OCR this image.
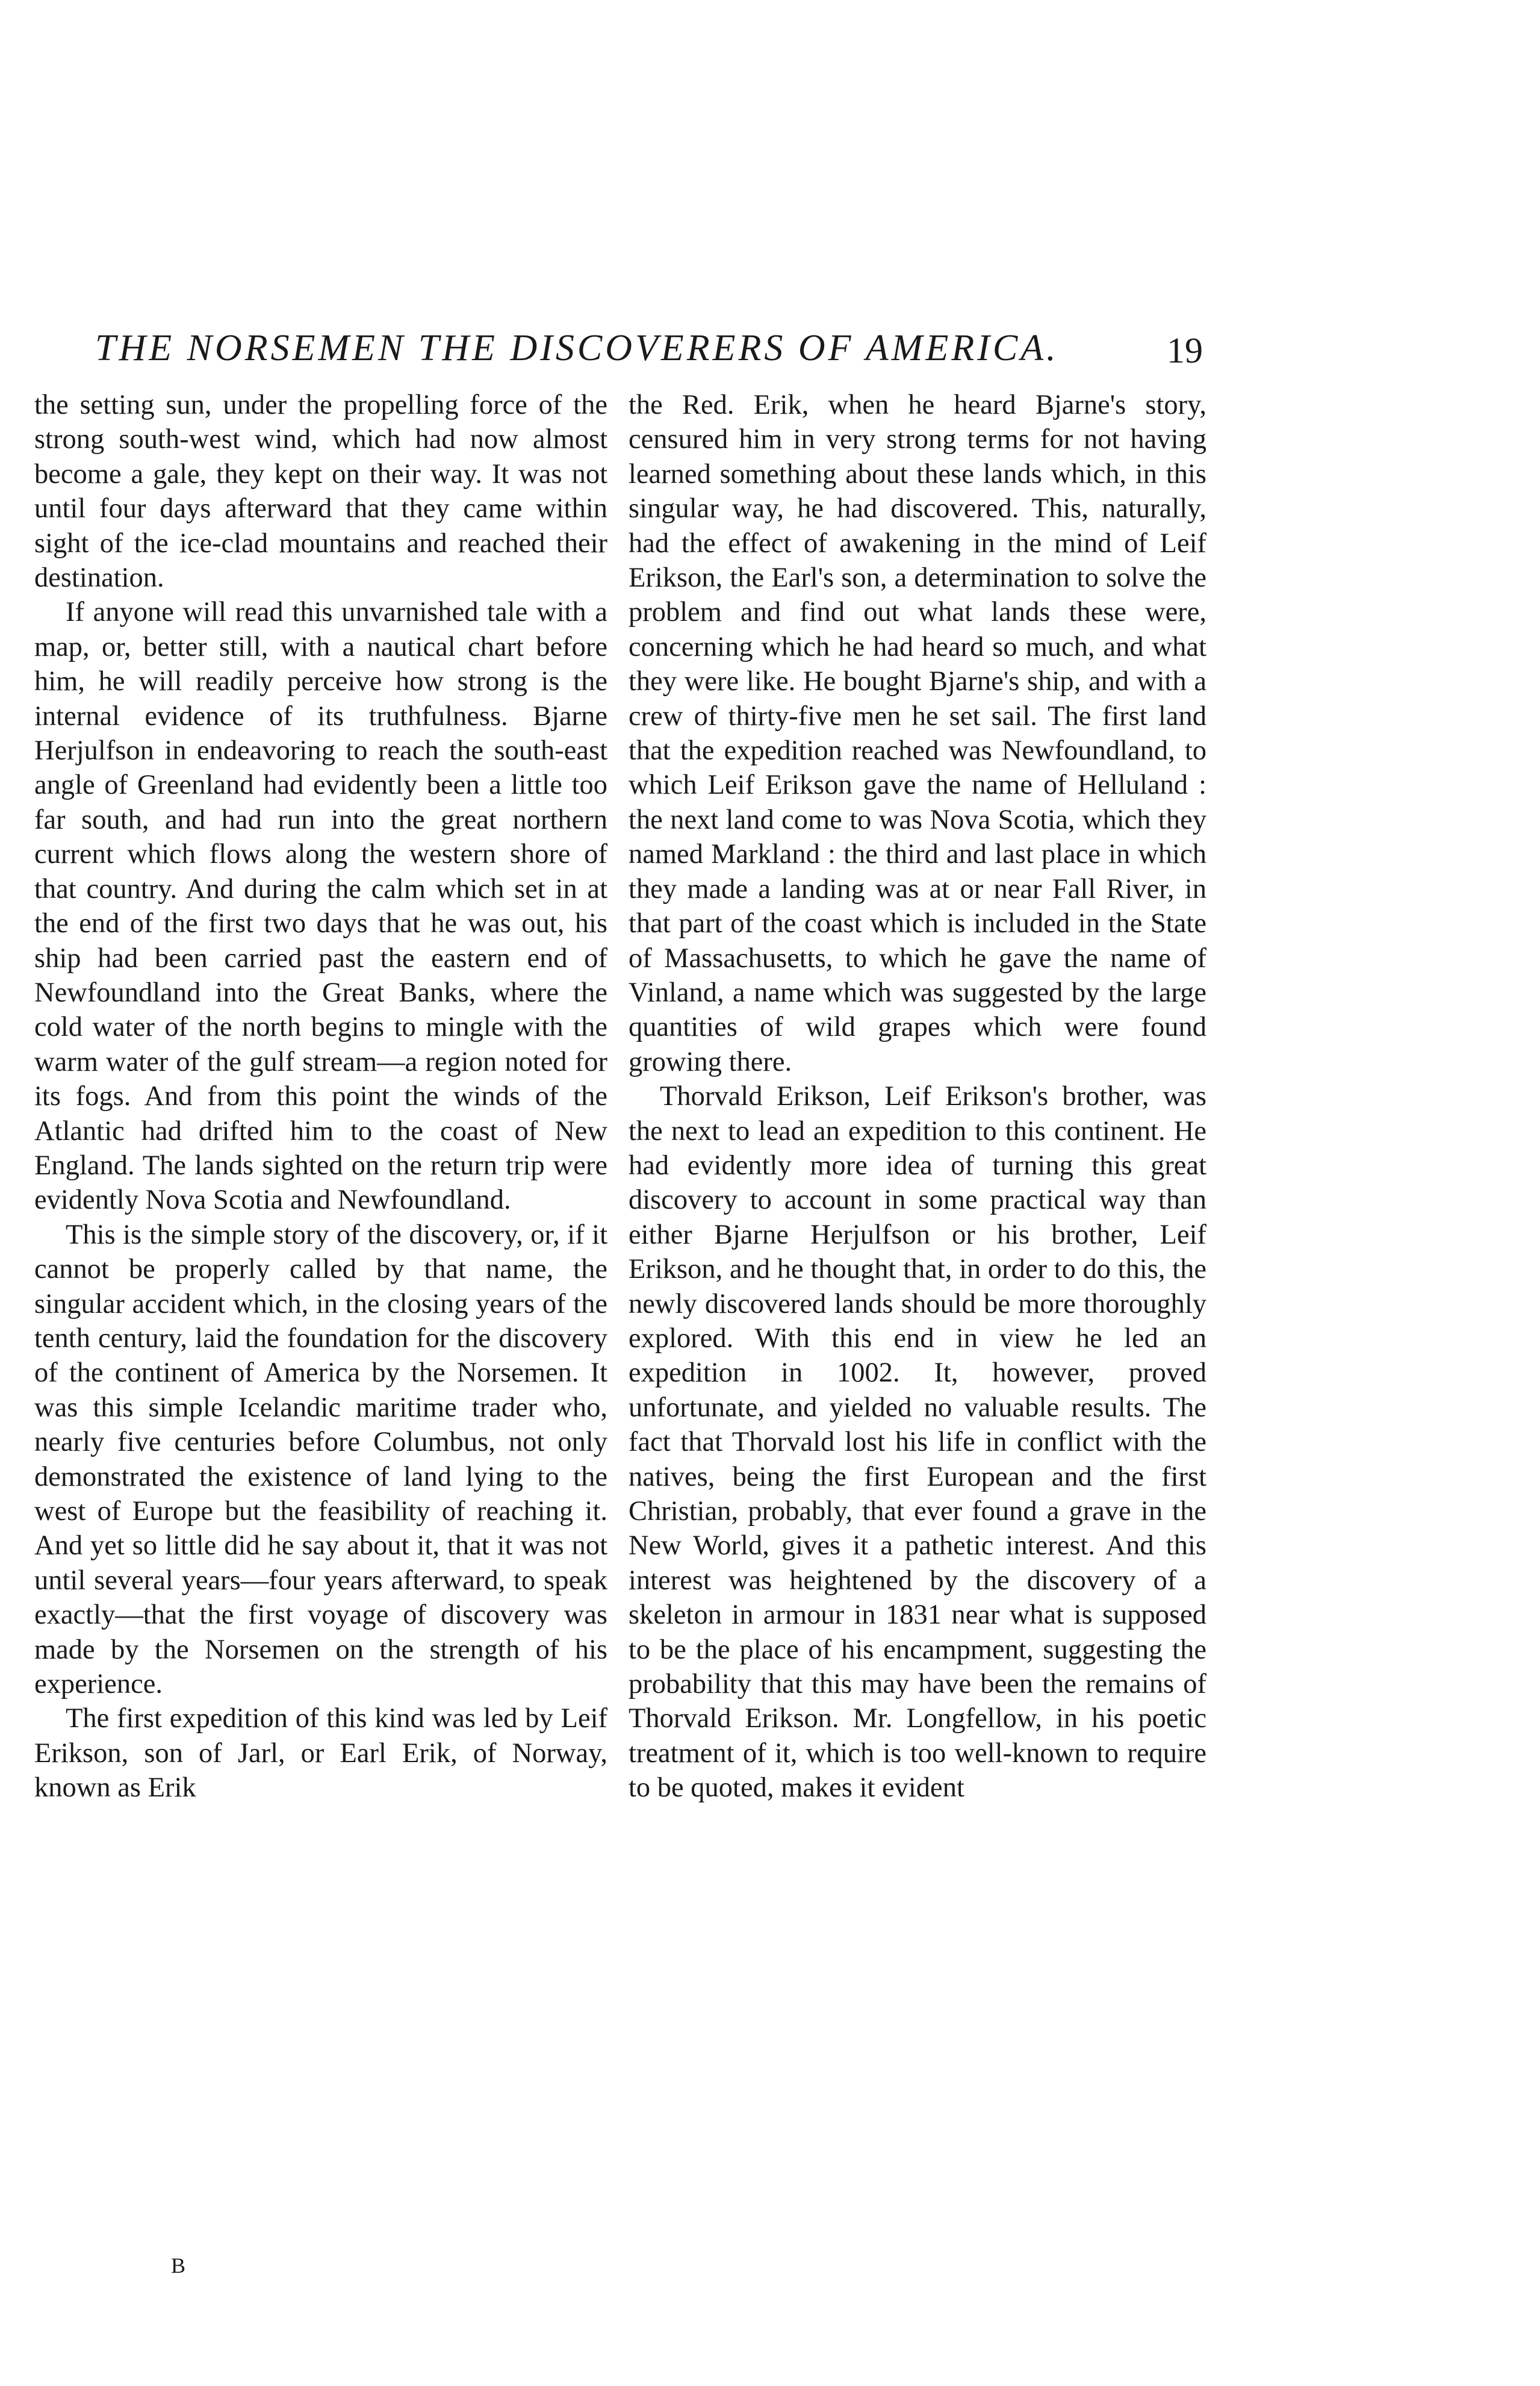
THE NORSEMEN THE DISCOVERERS OF AMERICA.	19

the setting sun, under the propelling force of the strong south-west wind, which had now almost become a gale, they kept on their way. It was not until four days afterward that they came within sight of the ice-clad mountains and reached their destination.

If anyone will read this unvarnished tale with a map, or, better still, with a nautical chart before him, he will readily perceive how strong is the internal evidence of its truthfulness. Bjarne Herjulfson in endeavoring to reach the south-east angle of Greenland had evidently been a little too far south, and had run into the great northern current which flows along the western shore of that country. And during the calm which set in at the end of the first two days that he was out, his ship had been carried past the eastern end of Newfoundland into the Great Banks, where the cold water of the north begins to mingle with the warm water of the gulf stream—a region noted for its fogs. And from this point the winds of the Atlantic had drifted him to the coast of New England. The lands sighted on the return trip were evidently Nova Scotia and Newfoundland.

This is the simple story of the discovery, or, if it cannot be properly called by that name, the singular accident which, in the closing years of the tenth century, laid the foundation for the discovery of the continent of America by the Norsemen. It was this simple Icelandic maritime trader who, nearly five centuries before Columbus, not only demonstrated the existence of land lying to the west of Europe but the feasibility of reaching it. And yet so little did he say about it, that it was not until several years—four years afterward, to speak exactly—that the first voyage of discovery was made by the Norsemen on the strength of his experience.

The first expedition of this kind was led by Leif Erikson, son of Jarl, or Earl Erik, of Norway, known as Erik

the Red. Erik, when he heard Bjarne's story, censured him in very strong terms for not having learned something about these lands which, in this singular way, he had discovered. This, naturally, had the effect of awakening in the mind of Leif Erikson, the Earl's son, a determination to solve the problem and find out what lands these were, concerning which he had heard so much, and what they were like. He bought Bjarne's ship, and with a crew of thirty-five men he set sail. The first land that the expedition reached was Newfoundland, to which Leif Erikson gave the name of Helluland : the next land come to was Nova Scotia, which they named Markland : the third and last place in which they made a landing was at or near Fall River, in that part of the coast which is included in the State of Massachusetts, to which he gave the name of Vinland, a name which was suggested by the large quantities of wild grapes which were found growing there.

Thorvald Erikson, Leif Erikson's brother, was the next to lead an expedition to this continent. He had evidently more idea of turning this great discovery to account in some practical way than either Bjarne Herjulfson or his brother, Leif Erikson, and he thought that, in order to do this, the newly discovered lands should be more thoroughly explored. With this end in view he led an expedition in 1002. It, however, proved unfortunate, and yielded no valuable results. The fact that Thorvald lost his life in conflict with the natives, being the first European and the first Christian, probably, that ever found a grave in the New World, gives it a pathetic interest. And this interest was heightened by the discovery of a skeleton in armour in 1831 near what is supposed to be the place of his encampment, suggesting the probability that this may have been the remains of Thorvald Erikson. Mr. Longfellow, in his poetic treatment of it, which is too well-known to require to be quoted, makes it evident

B
